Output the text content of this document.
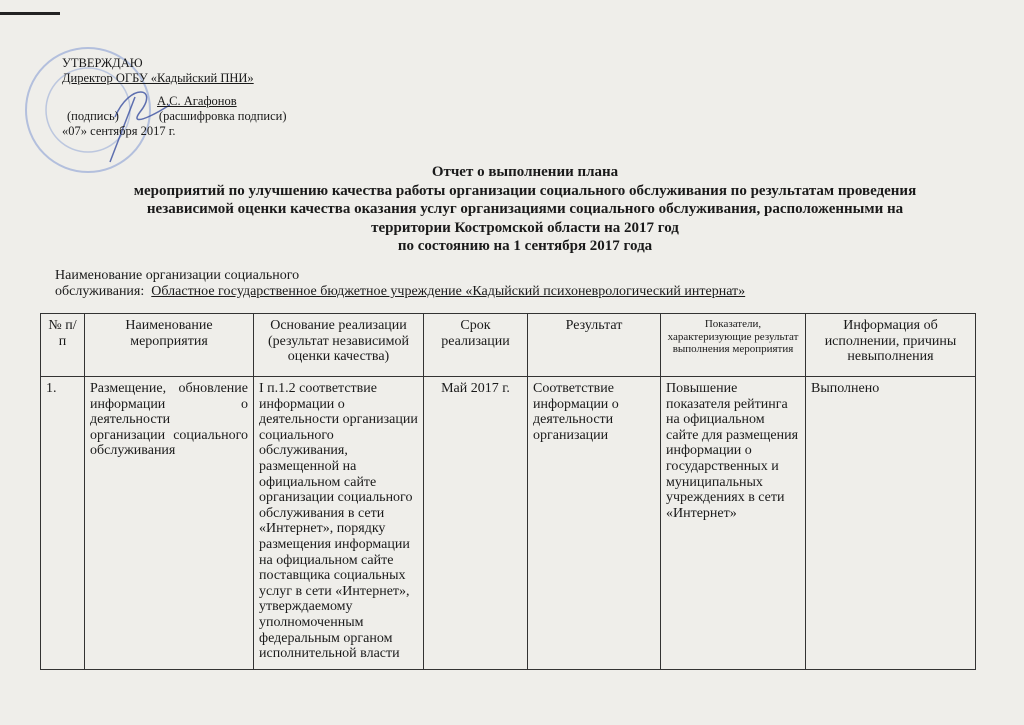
УТВЕРЖДАЮ
Директор ОГБУ «Кадыйский ПНИ»
А.С. Агафонов
(подпись)	(расшифровка подписи)
«07» сентября 2017 г.
Отчет о выполнении плана
мероприятий по улучшению качества работы организации социального обслуживания по результатам проведения
независимой оценки качества оказания услуг организациями социального обслуживания, расположенными на
территории Костромской области на 2017 год
по состоянию на 1 сентября 2017 года
Наименование организации социального
обслуживания: Областное государственное бюджетное учреждение «Кадыйский психоневрологический интернат»
№ п/п	Наименование мероприятия	Основание реализации (результат независимой оценки качества)	Срок реализации	Результат	Показатели, характеризующие результат выполнения мероприятия	Информация об исполнении, причины невыполнения
1.	Размещение, обновление информации о деятельности организации социального обслуживания	I п.1.2 соответствие информации о деятельности организации социального обслуживания, размещенной на официальном сайте организации социального обслуживания в сети «Интернет», порядку размещения информации на официальном сайте поставщика социальных услуг в сети «Интернет», утверждаемому уполномоченным федеральным органом исполнительной власти	Май 2017 г.	Соответствие информации о деятельности организации	Повышение показателя рейтинга на официальном сайте для размещения информации о государственных и муниципальных учреждениях в сети «Интернет»	Выполнено
